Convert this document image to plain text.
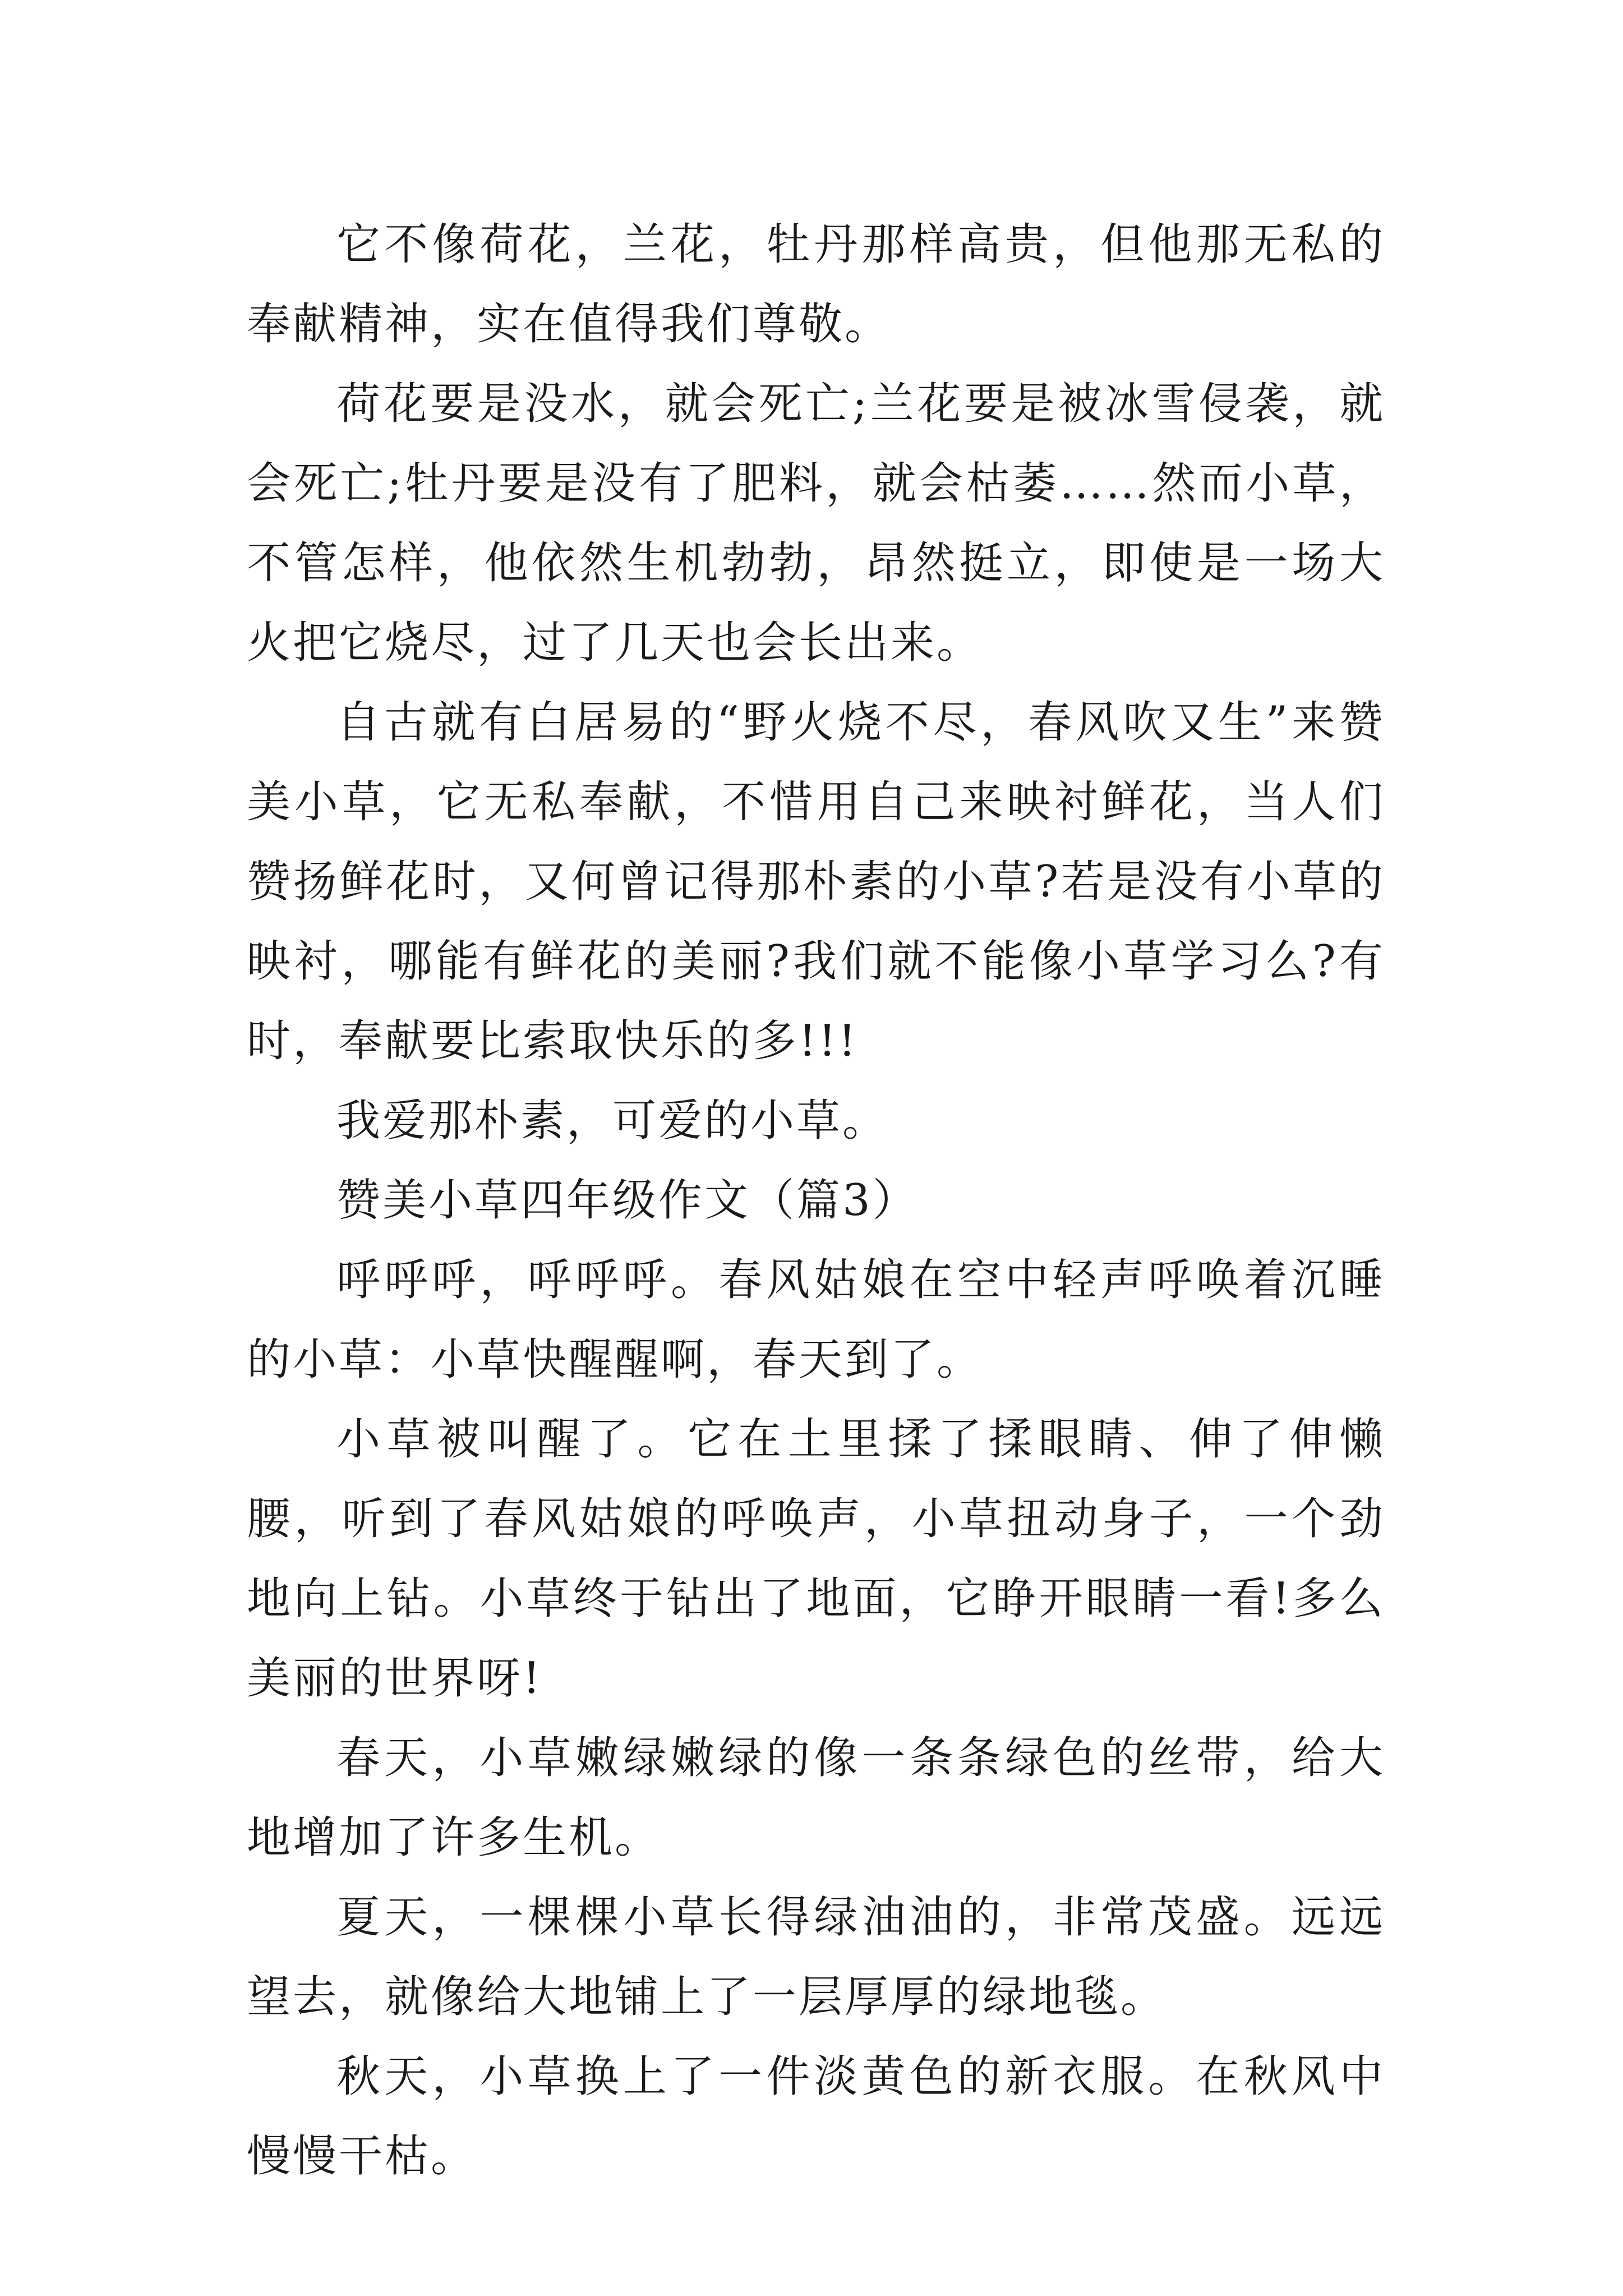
它不像荷花，兰花，牡丹那样高贵，但他那无私的奉献精神，实在值得我们尊敬。

荷花要是没水，就会死亡;兰花要是被冰雪侵袭，就会死亡;牡丹要是没有了肥料，就会枯萎……然而小草，不管怎样，他依然生机勃勃，昂然挺立，即使是一场大火把它烧尽，过了几天也会长出来。

自古就有白居易的“野火烧不尽，春风吹又生”来赞美小草，它无私奉献，不惜用自己来映衬鲜花，当人们赞扬鲜花时，又何曾记得那朴素的小草?若是没有小草的映衬，哪能有鲜花的美丽?我们就不能像小草学习么?有时，奉献要比索取快乐的多!!!

我爱那朴素，可爱的小草。

赞美小草四年级作文（篇3）

呼呼呼，呼呼呼。春风姑娘在空中轻声呼唤着沉睡的小草：小草快醒醒啊，春天到了。

小草被叫醒了。它在土里揉了揉眼睛、伸了伸懒腰，听到了春风姑娘的呼唤声，小草扭动身子，一个劲地向上钻。小草终于钻出了地面，它睁开眼睛一看!多么美丽的世界呀!

春天，小草嫩绿嫩绿的像一条条绿色的丝带，给大地增加了许多生机。

夏天，一棵棵小草长得绿油油的，非常茂盛。远远望去，就像给大地铺上了一层厚厚的绿地毯。

秋天，小草换上了一件淡黄色的新衣服。在秋风中慢慢干枯。
